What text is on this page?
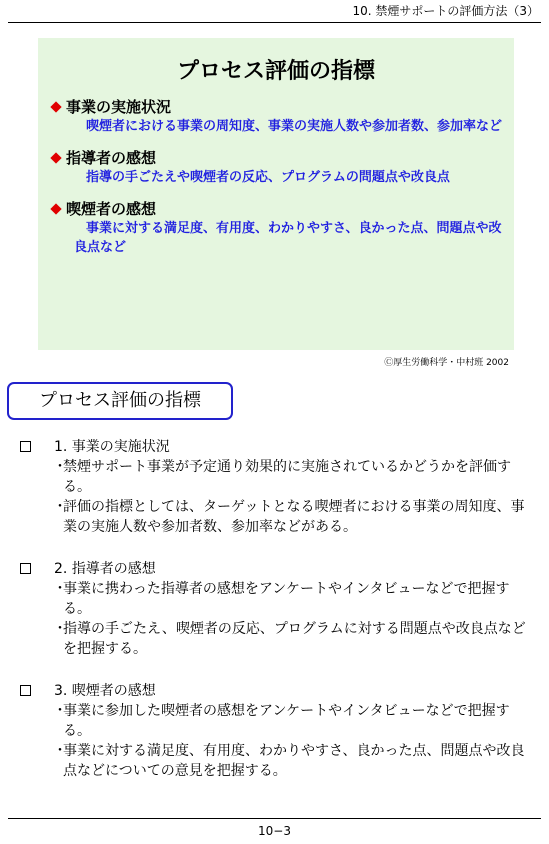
10. 禁煙サポートの評価方法（3）
プロセス評価の指標
事業の実施状況
喫煙者における事業の周知度、事業の実施人数や参加者数、参加率など
指導者の感想
指導の手ごたえや喫煙者の反応、プログラムの問題点や改良点
喫煙者の感想
事業に対する満足度、有用度、わかりやすさ、良かった点、問題点や改良点など
Ⓒ厚生労働科学・中村班 2002
プロセス評価の指標
1. 事業の実施状況
・
禁煙サポート事業が予定通り効果的に実施されているかどうかを評価する。
・
評価の指標としては、ターゲットとなる喫煙者における事業の周知度、事業の実施人数や参加者数、参加率などがある。
2. 指導者の感想
・
事業に携わった指導者の感想をアンケートやインタビューなどで把握する。
・
指導の手ごたえ、喫煙者の反応、プログラムに対する問題点や改良点などを把握する。
3. 喫煙者の感想
・
事業に参加した喫煙者の感想をアンケートやインタビューなどで把握する。
・
事業に対する満足度、有用度、わかりやすさ、良かった点、問題点や改良点などについての意見を把握する。
10−3
